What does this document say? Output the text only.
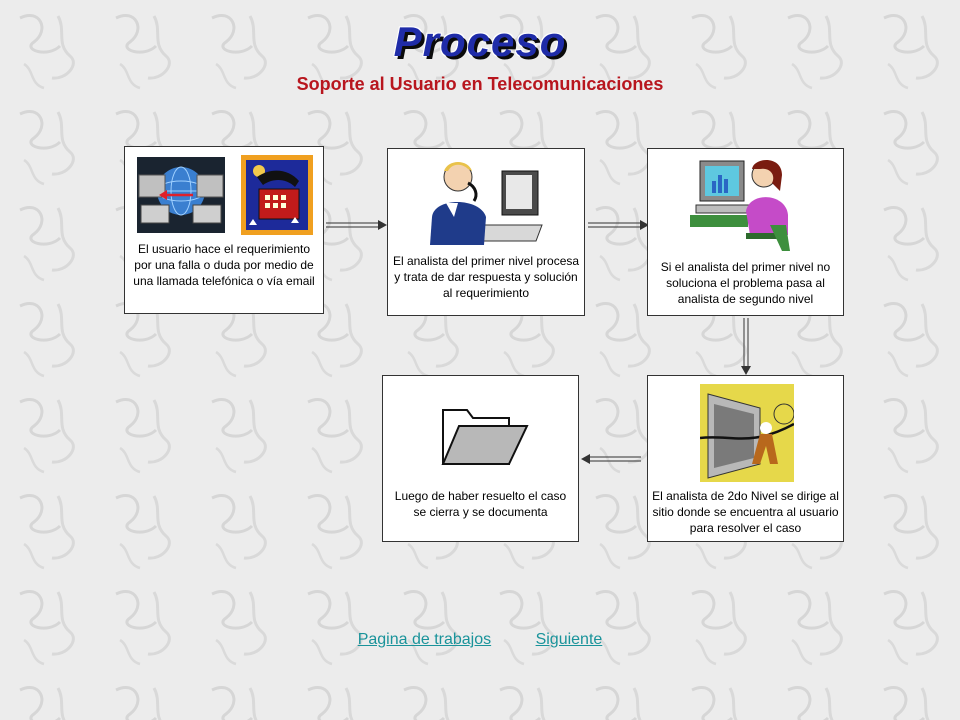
Proceso
Soporte al Usuario en Telecomunicaciones
El usuario hace el requerimiento por una falla o duda por medio de una llamada telefónica o vía email
El analista del primer nivel procesa y trata de dar respuesta y solución al requerimiento
Si el analista del primer nivel no soluciona el problema pasa al analista de segundo nivel
El analista de 2do Nivel se dirige al sitio donde se encuentra al usuario para resolver el caso
Luego de haber resuelto el caso se cierra y se documenta
Pagina de trabajos	Siguiente
